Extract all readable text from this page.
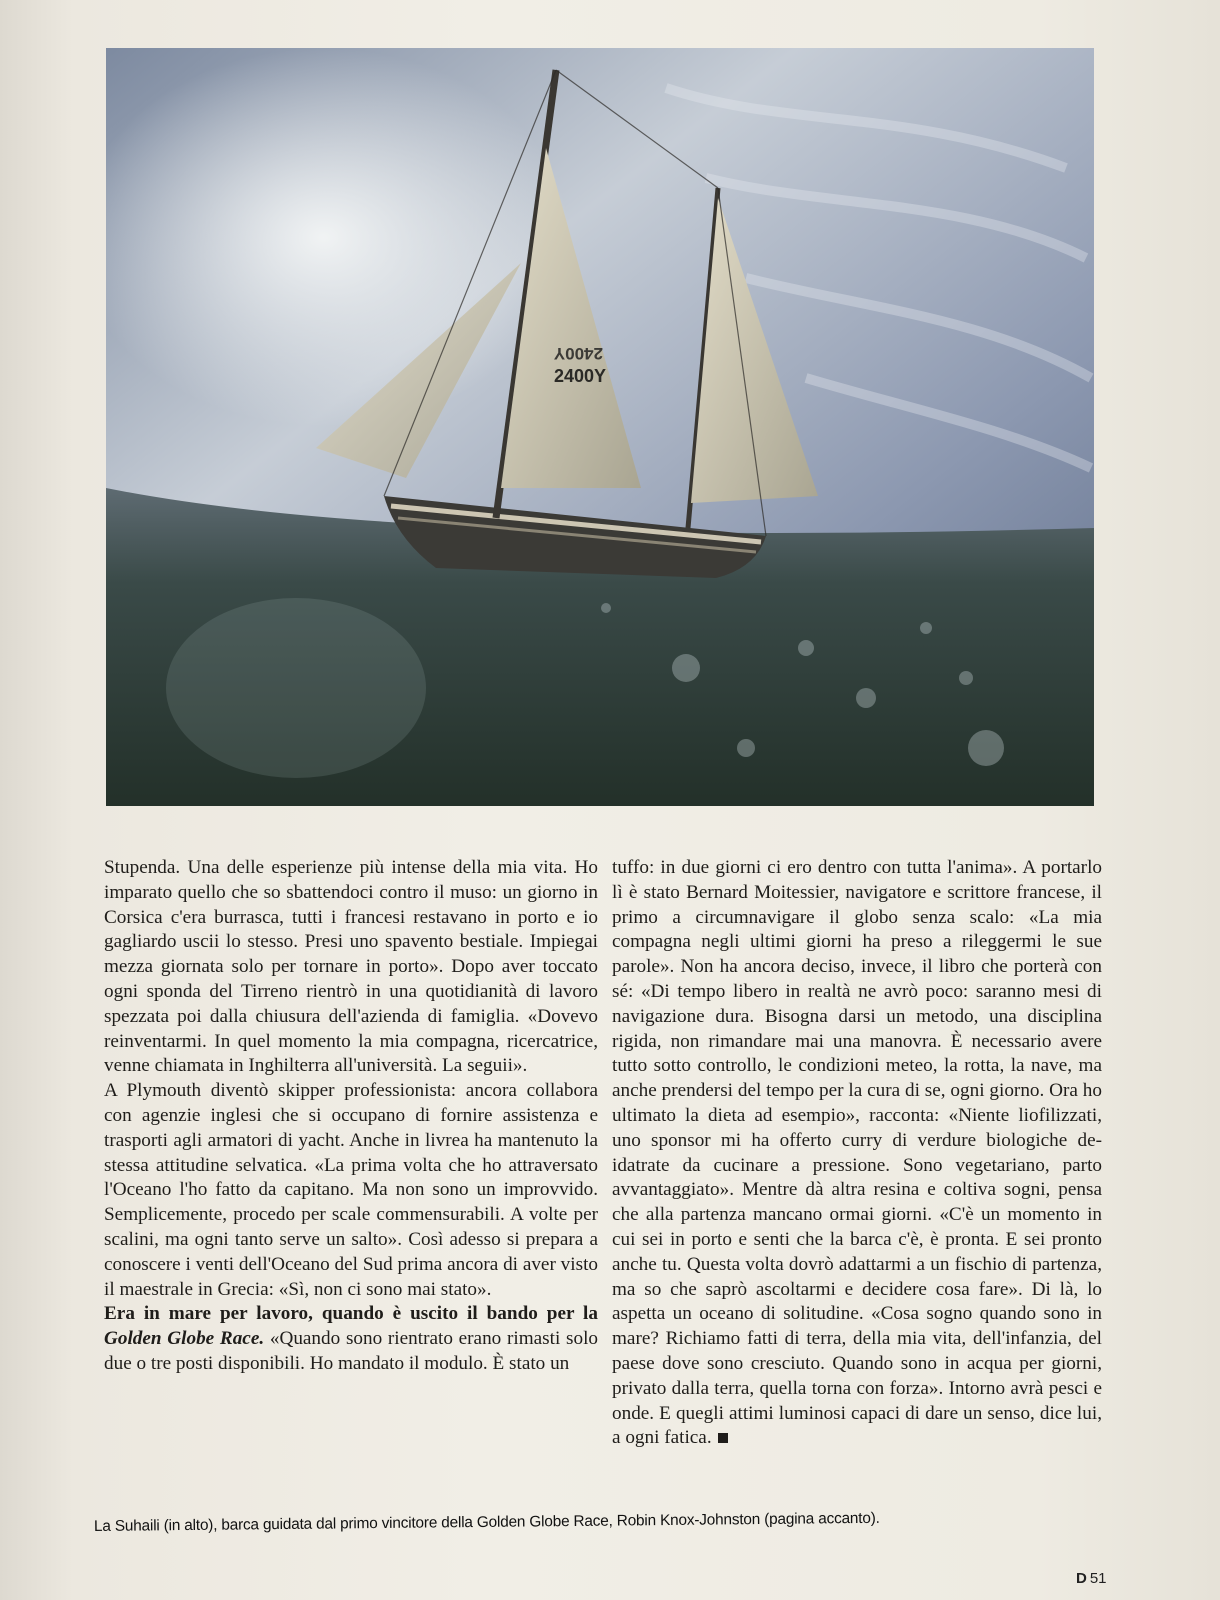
2400Y
2400Y

Stupenda. Una delle esperienze più intense della mia vita. Ho imparato quello che so sbattendoci contro il muso: un giorno in Corsica c'era burrasca, tutti i francesi restavano in porto e io gagliardo uscii lo stesso. Presi uno spavento bestiale. Impiegai mezza giornata solo per tornare in porto». Dopo aver toccato ogni sponda del Tirreno rientrò in una quotidianità di lavoro spezzata poi dalla chiusura dell'azienda di famiglia. «Dovevo reinventarmi. In quel momento la mia compagna, ricercatrice, venne chiamata in Inghilterra all'università. La seguii».

A Plymouth diventò skipper professionista: ancora collabora con agenzie inglesi che si occupano di fornire assistenza e trasporti agli armatori di yacht. Anche in livrea ha mantenuto la stessa attitudine selvatica. «La prima volta che ho attraversato l'Oceano l'ho fatto da capitano. Ma non sono un improvvido. Semplicemente, procedo per scale commensurabili. A volte per scalini, ma ogni tanto serve un salto». Così adesso si prepara a conoscere i venti dell'Oceano del Sud prima ancora di aver visto il maestrale in Grecia: «Sì, non ci sono mai stato».

Era in mare per lavoro, quando è uscito il bando per la Golden Globe Race. «Quando sono rientrato erano rimasti solo due o tre posti disponibili. Ho mandato il modulo. È stato un

tuffo: in due giorni ci ero dentro con tutta l'anima». A portarlo lì è stato Bernard Moitessier, navigatore e scrittore francese, il primo a circumnavigare il globo senza scalo: «La mia compagna negli ultimi giorni ha preso a rileggermi le sue parole». Non ha ancora deciso, invece, il libro che porterà con sé: «Di tempo libero in realtà ne avrò poco: saranno mesi di navigazione dura. Bisogna darsi un metodo, una disciplina rigida, non rimandare mai una manovra. È necessario avere tutto sotto controllo, le condizioni meteo, la rotta, la nave, ma anche prendersi del tempo per la cura di se, ogni giorno. Ora ho ultimato la dieta ad esempio», racconta: «Niente liofilizzati, uno sponsor mi ha offerto curry di verdure biologiche de-idatrate da cucinare a pressione. Sono vegetariano, parto avvantaggiato». Mentre dà altra resina e coltiva sogni, pensa che alla partenza mancano ormai giorni. «C'è un momento in cui sei in porto e senti che la barca c'è, è pronta. E sei pronto anche tu. Questa volta dovrò adattarmi a un fischio di partenza, ma so che saprò ascoltarmi e decidere cosa fare». Di là, lo aspetta un oceano di solitudine. «Cosa sogno quando sono in mare? Richiamo fatti di terra, della mia vita, dell'infanzia, del paese dove sono cresciuto. Quando sono in acqua per giorni, privato dalla terra, quella torna con forza». Intorno avrà pesci e onde. E quegli attimi luminosi capaci di dare un senso, dice lui, a ogni fatica.

La Suhaili (in alto), barca guidata dal primo vincitore della Golden Globe Race, Robin Knox-Johnston (pagina accanto).
D 51
